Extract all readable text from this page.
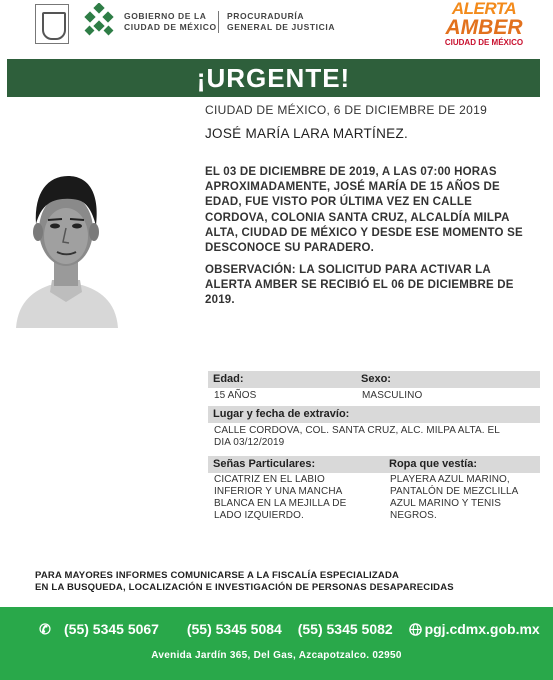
GOBIERNO DE LA
CIUDAD DE MÉXICO
PROCURADURÍA
GENERAL DE JUSTICIA
ALERTA
AMBER
CIUDAD DE MÉXICO
¡URGENTE!
CIUDAD DE MÉXICO, 6 DE DICIEMBRE DE 2019
JOSÉ MARÍA LARA MARTÍNEZ.
EL 03 DE DICIEMBRE DE 2019, A LAS 07:00 HORAS APROXIMADAMENTE, JOSÉ MARÍA DE 15 AÑOS DE EDAD, FUE VISTO POR ÚLTIMA VEZ EN CALLE CORDOVA, COLONIA SANTA CRUZ, ALCALDÍA MILPA ALTA, CIUDAD DE MÉXICO Y DESDE ESE MOMENTO SE DESCONOCE SU PARADERO.
OBSERVACIÓN: LA SOLICITUD PARA ACTIVAR LA ALERTA AMBER SE RECIBIÓ EL 06 DE DICIEMBRE DE 2019.
Edad:	Sexo:
15 AÑOS	MASCULINO
Lugar y fecha de extravío:
CALLE CORDOVA, COL. SANTA CRUZ, ALC. MILPA ALTA. EL DIA 03/12/2019
Señas Particulares:	Ropa que vestía:
CICATRIZ EN EL LABIO INFERIOR Y UNA MANCHA BLANCA EN LA MEJILLA DE LADO IZQUIERDO.
PLAYERA AZUL MARINO, PANTALÓN DE MEZCLILLA AZUL MARINO Y TENIS NEGROS.
PARA MAYORES INFORMES COMUNICARSE A LA FISCALÍA ESPECIALIZADA
EN LA BUSQUEDA, LOCALIZACIÓN E INVESTIGACIÓN DE PERSONAS DESAPARECIDAS
✆ (55) 5345 5067 (55) 5345 5084 (55) 5345 5082 pgj.cdmx.gob.mx
Avenida Jardín 365, Del Gas, Azcapotzalco. 02950
